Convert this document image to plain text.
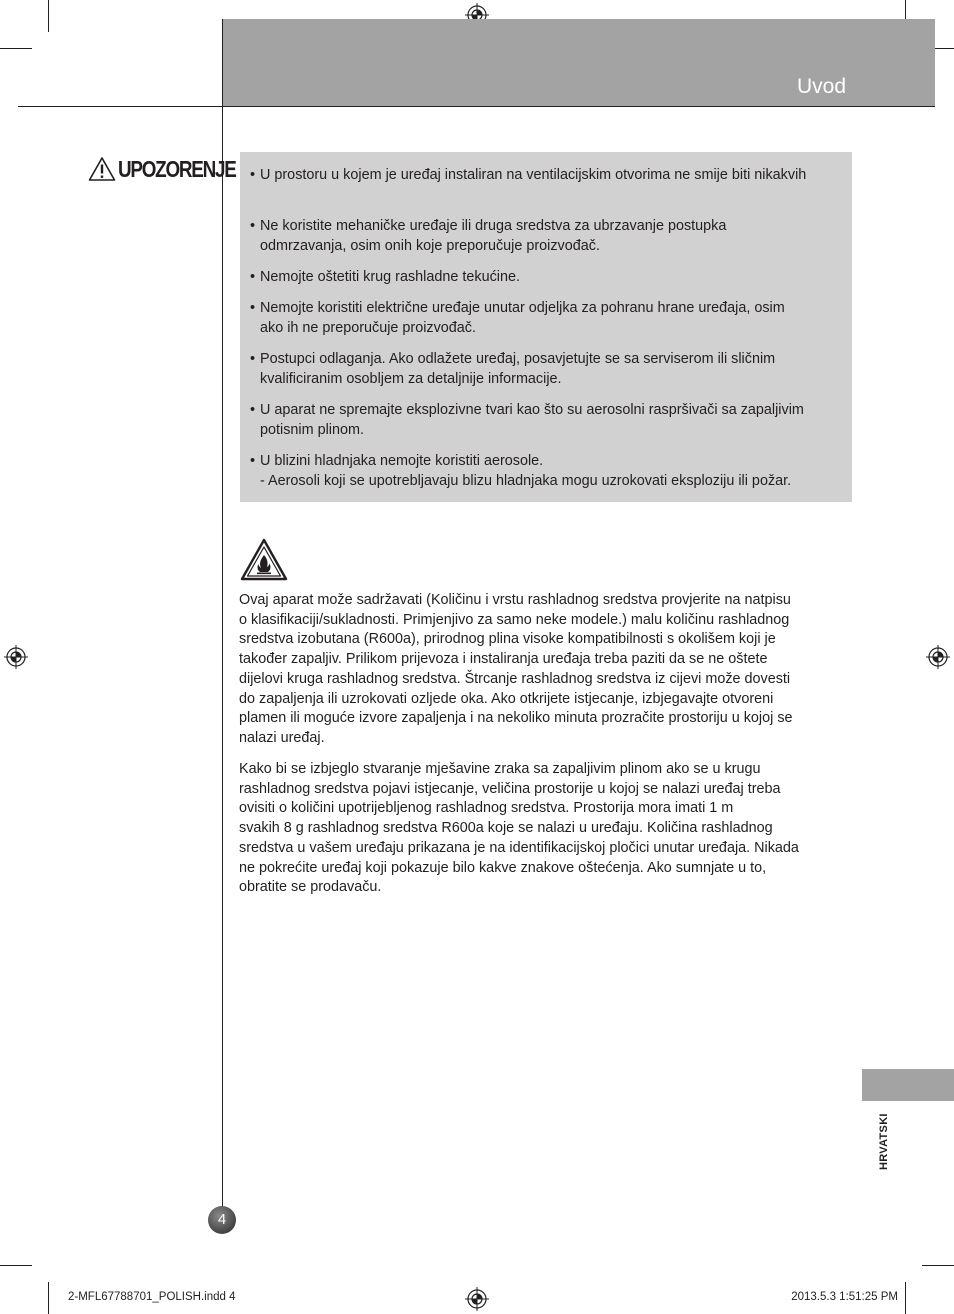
Uvod
UPOZORENJE • U prostoru u kojem je uređaj instaliran na ventilacijskim otvorima ne smije biti nikakvih
• Ne koristite mehaničke uređaje ili druga sredstva za ubrzavanje postupka
odmrzavanja, osim onih koje preporučuje proizvođač.
• Nemojte oštetiti krug rashladne tekućine.
• Nemojte koristiti električne uređaje unutar odjeljka za pohranu hrane uređaja, osim
ako ih ne preporučuje proizvođač.
• Postupci odlaganja. Ako odlažete uređaj, posavjetujte se sa serviserom ili sličnim
kvalificiranim osobljem za detaljnije informacije.
• U aparat ne spremajte eksplozivne tvari kao što su aerosolni raspršivači sa zapaljivim
potisnim plinom.
• U blizini hladnjaka nemojte koristiti aerosole.
- Aerosoli koji se upotrebljavaju blizu hladnjaka mogu uzrokovati eksploziju ili požar.
Ovaj aparat može sadržavati (Količinu i vrstu rashladnog sredstva provjerite na natpisu
o klasifikaciji/sukladnosti. Primjenjivo za samo neke modele.) malu količinu rashladnog
sredstva izobutana (R600a), prirodnog plina visoke kompatibilnosti s okolišem koji je
također zapaljiv. Prilikom prijevoza i instaliranja uređaja treba paziti da se ne oštete
dijelovi kruga rashladnog sredstva. Štrcanje rashladnog sredstva iz cijevi može dovesti
do zapaljenja ili uzrokovati ozljede oka. Ako otkrijete istjecanje, izbjegavajte otvoreni
plamen ili moguće izvore zapaljenja i na nekoliko minuta prozračite prostoriju u kojoj se
nalazi uređaj.
Kako bi se izbjeglo stvaranje mješavine zraka sa zapaljivim plinom ako se u krugu
rashladnog sredstva pojavi istjecanje, veličina prostorije u kojoj se nalazi uređaj treba
ovisiti o količini upotrijebljenog rashladnog sredstva. Prostorija mora imati 1 m
svakih 8 g rashladnog sredstva R600a koje se nalazi u uređaju. Količina rashladnog
sredstva u vašem uređaju prikazana je na identifikacijskoj pločici unutar uređaja. Nikada
ne pokrećite uređaj koji pokazuje bilo kakve znakove oštećenja. Ako sumnjate u to,
obratite se prodavaču.
HRVATSKI
4
2-MFL67788701_POLISH.indd 4	2013.5.3 1:51:25 PM
